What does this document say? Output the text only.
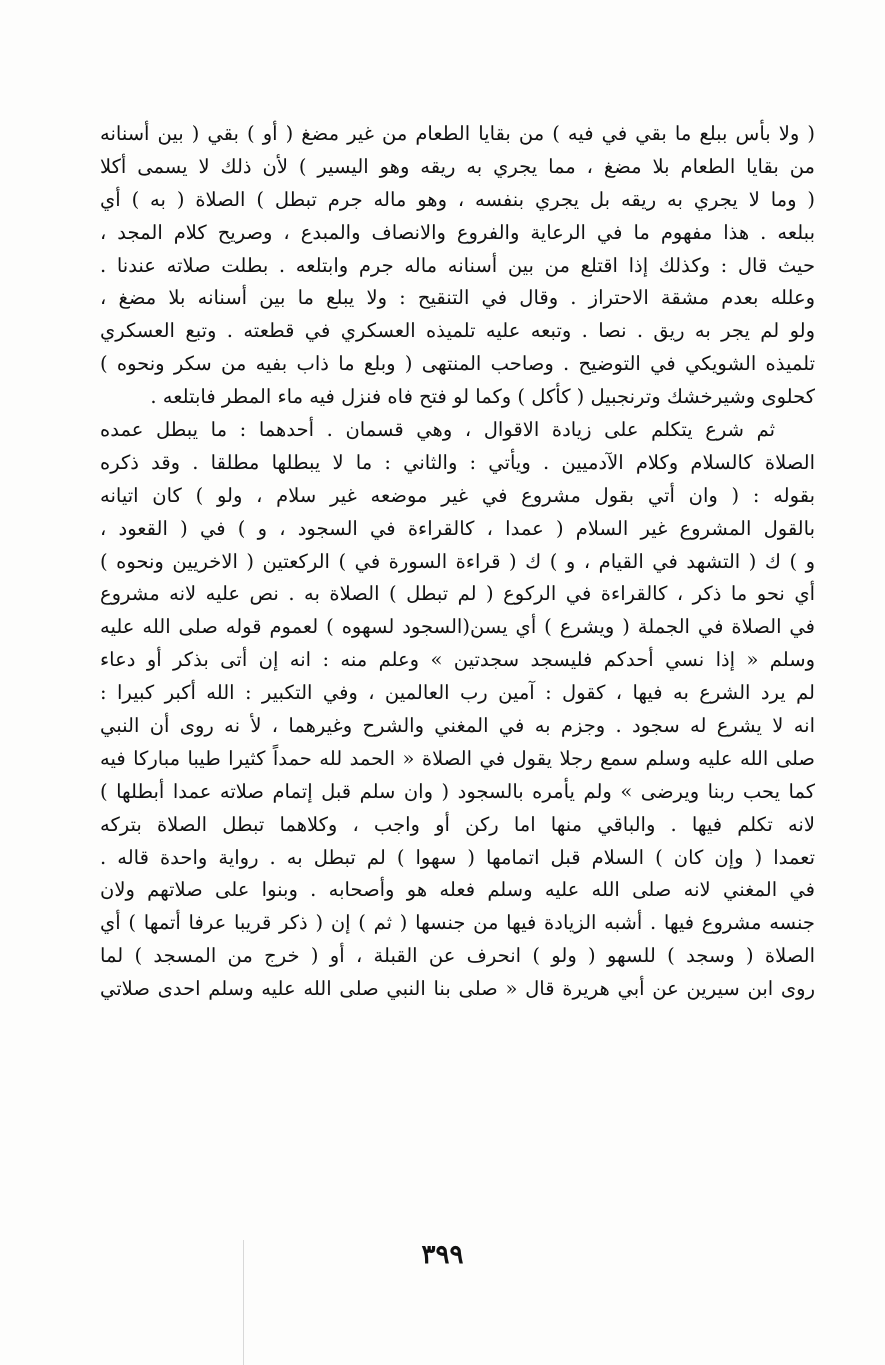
( ولا بأس ببلع ما بقي في فيه ) من بقايا الطعام من غير مضغ ( أو ) بقي ( بين أسنانه
من بقايا الطعام بلا مضغ ، مما يجري به ريقه وهو اليسير ) لأن ذلك لا يسمى أكلا
( وما لا يجري به ريقه بل يجري بنفسه ، وهو ماله جرم تبطل ) الصلاة ( به ) أي
ببلعه . هذا مفهوم ما في الرعاية والفروع والانصاف والمبدع ، وصريح كلام المجد ،
حيث قال : وكذلك إذا اقتلع من بين أسنانه ماله جرم وابتلعه . بطلت صلاته عندنا .
وعلله بعدم مشقة الاحتراز . وقال في التنقيح : ولا يبلع ما بين أسنانه بلا مضغ ،
ولو لم يجر به ريق . نصا . وتبعه عليه تلميذه العسكري في قطعته . وتبع العسكري
تلميذه الشويكي في التوضيح . وصاحب المنتهى ( وبلع ما ذاب بفيه من سكر ونحوه )
كحلوى وشيرخشك وترنجبيل ( كأكل ) وكما لو فتح فاه فنزل فيه ماء المطر فابتلعه .
ثم شرع يتكلم على زيادة الاقوال ، وهي قسمان . أحدهما : ما يبطل عمده
الصلاة كالسلام وكلام الآدميين . ويأتي : والثاني : ما لا يبطلها مطلقا . وقد ذكره
بقوله : ( وان أتي بقول مشروع في غير موضعه غير سلام ، ولو ) كان اتيانه
بالقول المشروع غير السلام ( عمدا ، كالقراءة في السجود ، و ) في ( القعود ،
و ) ك ( التشهد في القيام ، و ) ك ( قراءة السورة في ) الركعتين ( الاخريين ونحوه )
أي نحو ما ذكر ، كالقراءة في الركوع ( لم تبطل ) الصلاة به . نص عليه لانه مشروع
في الصلاة في الجملة ( ويشرع ) أي يسن(السجود لسهوه ) لعموم قوله صلى الله عليه
وسلم « إذا نسي أحدكم فليسجد سجدتين » وعلم منه : انه إن أتى بذكر أو دعاء
لم يرد الشرع به فيها ، كقول : آمين رب العالمين ، وفي التكبير : الله أكبر كبيرا :
انه لا يشرع له سجود . وجزم به في المغني والشرح وغيرهما ، لأ نه روى أن النبي
صلى الله عليه وسلم سمع رجلا يقول في الصلاة « الحمد لله حمداً كثيرا طيبا مباركا فيه
كما يحب ربنا ويرضى » ولم يأمره بالسجود ( وان سلم قبل إتمام صلاته عمدا أبطلها )
لانه تكلم فيها . والباقي منها اما ركن أو واجب ، وكلاهما تبطل الصلاة بتركه
تعمدا ( وإن كان ) السلام قبل اتمامها ( سهوا ) لم تبطل به . رواية واحدة قاله .
في المغني لانه صلى الله عليه وسلم فعله هو وأصحابه . وبنوا على صلاتهم ولان
جنسه مشروع فيها . أشبه الزيادة فيها من جنسها ( ثم ) إن ( ذكر قريبا عرفا أتمها ) أي
الصلاة ( وسجد ) للسهو ( ولو ) انحرف عن القبلة ، أو ( خرج من المسجد ) لما
روى ابن سيرين عن أبي هريرة قال « صلى بنا النبي صلى الله عليه وسلم احدى صلاتي
٣٩٩
